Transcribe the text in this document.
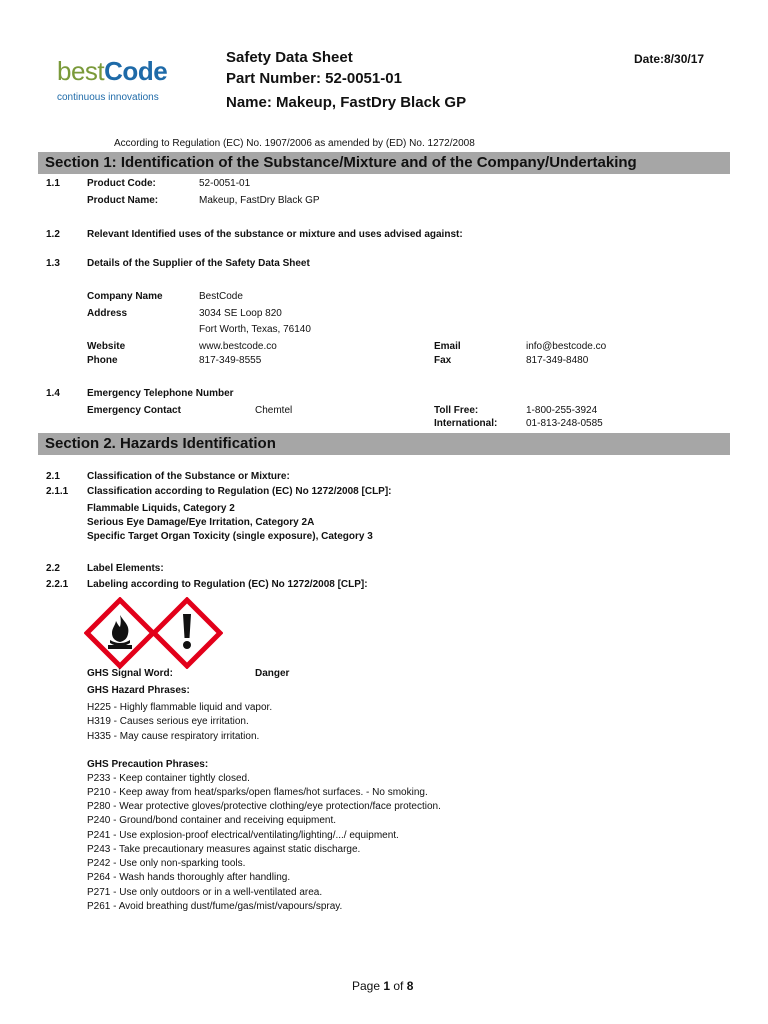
bestCode
continuous innovations
Safety Data Sheet
Part Number: 52-0051-01
Name: Makeup, FastDry Black GP
Date:8/30/17
According to Regulation (EC) No. 1907/2006 as amended by (ED) No. 1272/2008
Section 1: Identification of the Substance/Mixture and of the Company/Undertaking
1.1	Product Code:	52-0051-01
Product Name:	Makeup, FastDry Black GP
1.2	Relevant Identified uses of the substance or mixture and uses advised against:
1.3	Details of the Supplier of the Safety Data Sheet
Company Name	BestCode
Address	3034 SE Loop 820
Fort Worth, Texas, 76140
Website	www.bestcode.co	Email	info@bestcode.co
Phone	817-349-8555	Fax	817-349-8480
1.4	Emergency Telephone Number
Emergency Contact	Chemtel	Toll Free:	1-800-255-3924
International:	01-813-248-0585
Section 2. Hazards Identification
2.1	Classification of the Substance or Mixture:
2.1.1 Classification according to Regulation (EC) No 1272/2008 [CLP]:
Flammable Liquids, Category 2
Serious Eye Damage/Eye Irritation, Category 2A
Specific Target Organ Toxicity (single exposure), Category 3
2.2	Label Elements:
2.2.1 Labeling according to Regulation (EC) No 1272/2008 [CLP]:
GHS Signal Word:	Danger
GHS Hazard Phrases:
H225 - Highly flammable liquid and vapor.
H319 - Causes serious eye irritation.
H335 - May cause respiratory irritation.
GHS Precaution Phrases:
P233 - Keep container tightly closed.
P210 - Keep away from heat/sparks/open flames/hot surfaces. - No smoking.
P280 - Wear protective gloves/protective clothing/eye protection/face protection.
P240 - Ground/bond container and receiving equipment.
P241 - Use explosion-proof electrical/ventilating/lighting/.../ equipment.
P243 - Take precautionary measures against static discharge.
P242 - Use only non-sparking tools.
P264 - Wash hands thoroughly after handling.
P271 - Use only outdoors or in a well-ventilated area.
P261 - Avoid breathing dust/fume/gas/mist/vapours/spray.
Page 1 of 8
